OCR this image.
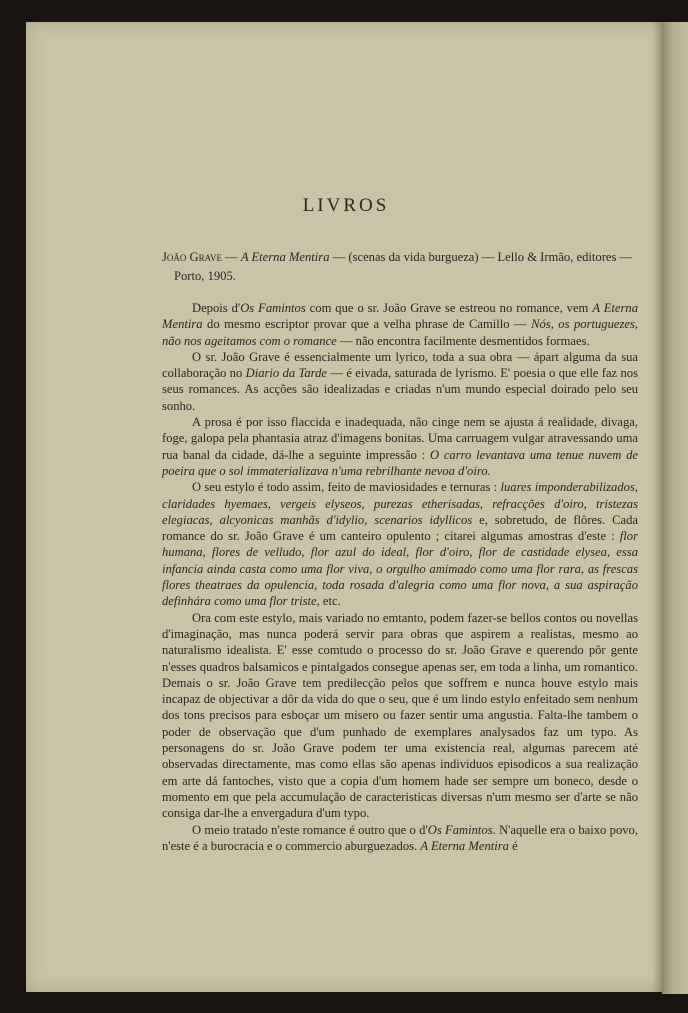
LIVROS
João Grave — A Eterna Mentira — (scenas da vida burgueza) — Lello & Irmão, editores — Porto, 1905.

Depois d'Os Famintos com que o sr. João Grave se estreou no romance, vem A Eterna Mentira do mesmo escriptor provar que a velha phrase de Camillo — Nós, os portuguezes, não nos ageitamos com o romance — não encontra facilmente desmentidos formaes.

O sr. João Grave é essencialmente um lyrico, toda a sua obra — ápart alguma da sua collaboração no Diario da Tarde — é eivada, saturada de lyrismo. E' poesia o que elle faz nos seus romances. As acções são idealizadas e criadas n'um mundo especial doirado pelo seu sonho.

A prosa é por isso flaccida e inadequada, não cinge nem se ajusta á realidade, divaga, foge, galopa pela phantasia atraz d'imagens bonitas. Uma carruagem vulgar atravessando uma rua banal da cidade, dá-lhe a seguinte impressão : O carro levantava uma tenue nuvem de poeira que o sol immaterializava n'uma rebrilhante nevoa d'oiro.

O seu estylo é todo assim, feito de maviosidades e ternuras : luares imponderabilizados, claridades hyemaes, vergeis elyseos, purezas etherisadas, refracções d'oiro, tristezas elegiacas, alcyonicas manhãs d'idylio, scenarios idyllicos e, sobretudo, de flôres. Cada romance do sr. João Grave é um canteiro opulento ; citarei algumas amostras d'este : flor humana, flores de velludo, flor azul do ideal, flor d'oiro, flor de castidade elysea, essa infancia ainda casta como uma flor viva, o orgulho amimado como uma flor rara, as frescas flores theatraes da opulencia, toda rosada d'alegria como uma flor nova, a sua aspiração definhára como uma flor triste, etc.

Ora com este estylo, mais variado no emtanto, podem fazer-se bellos contos ou novellas d'imaginação, mas nunca poderá servir para obras que aspirem a realistas, mesmo ao naturalismo idealista. E' esse comtudo o processo do sr. João Grave e querendo pôr gente n'esses quadros balsamicos e pintalgados consegue apenas ser, em toda a linha, um romantico. Demais o sr. João Grave tem predilecção pelos que soffrem e nunca houve estylo mais incapaz de objectivar a dôr da vida do que o seu, que é um lindo estylo enfeitado sem nenhum dos tons precisos para esboçar um misero ou fazer sentir uma angustia. Falta-lhe tambem o poder de observação que d'um punhado de exemplares analysados faz um typo. As personagens do sr. João Grave podem ter uma existencia real, algumas parecem até observadas directamente, mas como ellas são apenas individuos episodicos a sua realização em arte dá fantoches, visto que a copia d'um homem hade ser sempre um boneco, desde o momento em que pela accumulação de caracteristicas diversas n'um mesmo ser d'arte se não consiga dar-lhe a envergadura d'um typo.

O meio tratado n'este romance é outro que o d'Os Famintos. N'aquelle era o baixo povo, n'este é a burocracia e o commercio aburguezados. A Eterna Mentira é
